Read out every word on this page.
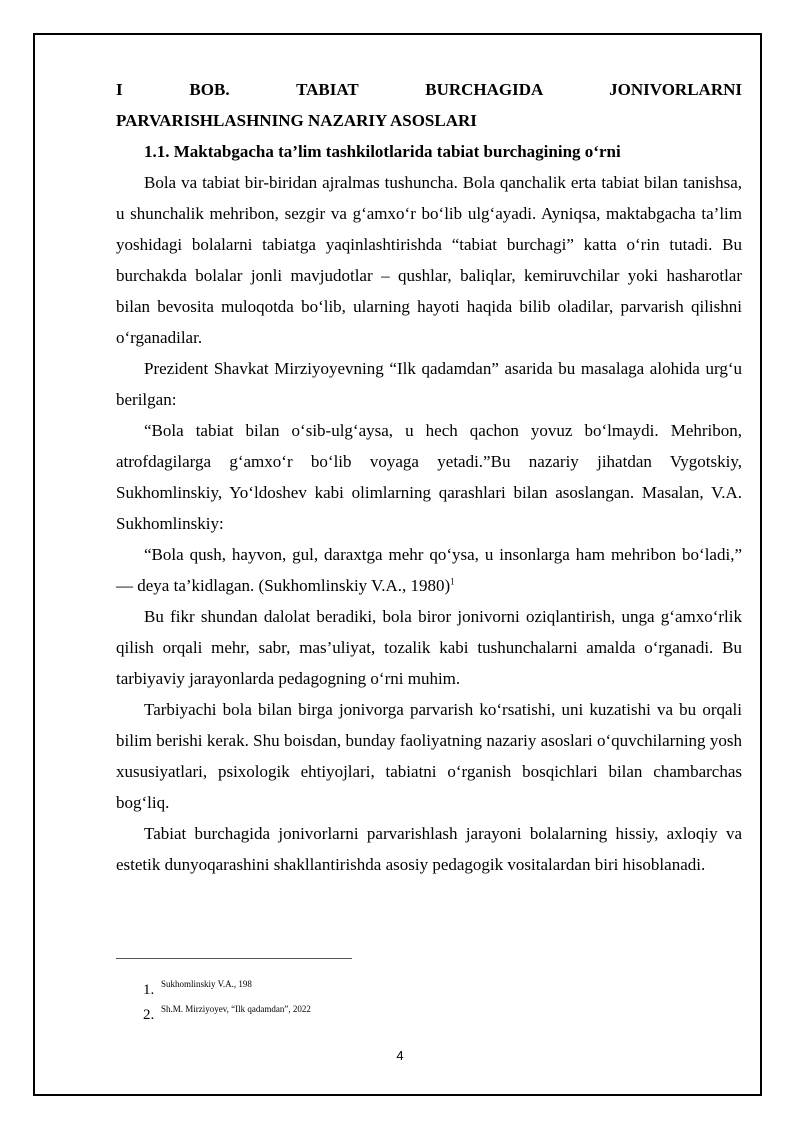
I BOB. TABIAT BURCHAGIDA JONIVORLARNI
PARVARISHLASHNING NAZARIY ASOSLARI
1.1. Maktabgacha ta’lim tashkilotlarida tabiat burchagining o‘rni

Bola va tabiat bir-biridan ajralmas tushuncha. Bola qanchalik erta tabiat bilan tanishsa, u shunchalik mehribon, sezgir va g‘amxo‘r bo‘lib ulg‘ayadi. Ayniqsa, maktabgacha ta’lim yoshidagi bolalarni tabiatga yaqinlashtirishda “tabiat burchagi” katta o‘rin tutadi. Bu burchakda bolalar jonli mavjudotlar – qushlar, baliqlar, kemiruvchilar yoki hasharotlar bilan bevosita muloqotda bo‘lib, ularning hayoti haqida bilib oladilar, parvarish qilishni o‘rganadilar.

Prezident Shavkat Mirziyoyevning “Ilk qadamdan” asarida bu masalaga alohida urg‘u berilgan:

“Bola tabiat bilan o‘sib-ulg‘aysa, u hech qachon yovuz bo‘lmaydi. Mehribon, atrofdagilarga g‘amxo‘r bo‘lib voyaga yetadi.”Bu nazariy jihatdan Vygotskiy, Sukhomlinskiy, Yo‘ldoshev kabi olimlarning qarashlari bilan asoslangan. Masalan, V.A. Sukhomlinskiy:

“Bola qush, hayvon, gul, daraxtga mehr qo‘ysa, u insonlarga ham mehribon bo‘ladi,” — deya ta’kidlagan. (Sukhomlinskiy V.A., 1980)$^1$

Bu fikr shundan dalolat beradiki, bola biror jonivorni oziqlantirish, unga g‘amxo‘rlik qilish orqali mehr, sabr, mas’uliyat, tozalik kabi tushunchalarni amalda o‘rganadi. Bu tarbiyaviy jarayonlarda pedagogning o‘rni muhim.

Tarbiyachi bola bilan birga jonivorga parvarish ko‘rsatishi, uni kuzatishi va bu orqali bilim berishi kerak. Shu boisdan, bunday faoliyatning nazariy asoslari o‘quvchilarning yosh xususiyatlari, psixologik ehtiyojlari, tabiatni o‘rganish bosqichlari bilan chambarchas bog‘liq.

Tabiat burchagida jonivorlarni parvarishlash jarayoni bolalarning hissiy, axloqiy va estetik dunyoqarashini shakllantirishda asosiy pedagogik vositalardan biri hisoblanadi.

1. Sukhomlinskiy V.A., 198
2. Sh.M. Mirziyoyev, “Ilk qadamdan”, 2022
4
